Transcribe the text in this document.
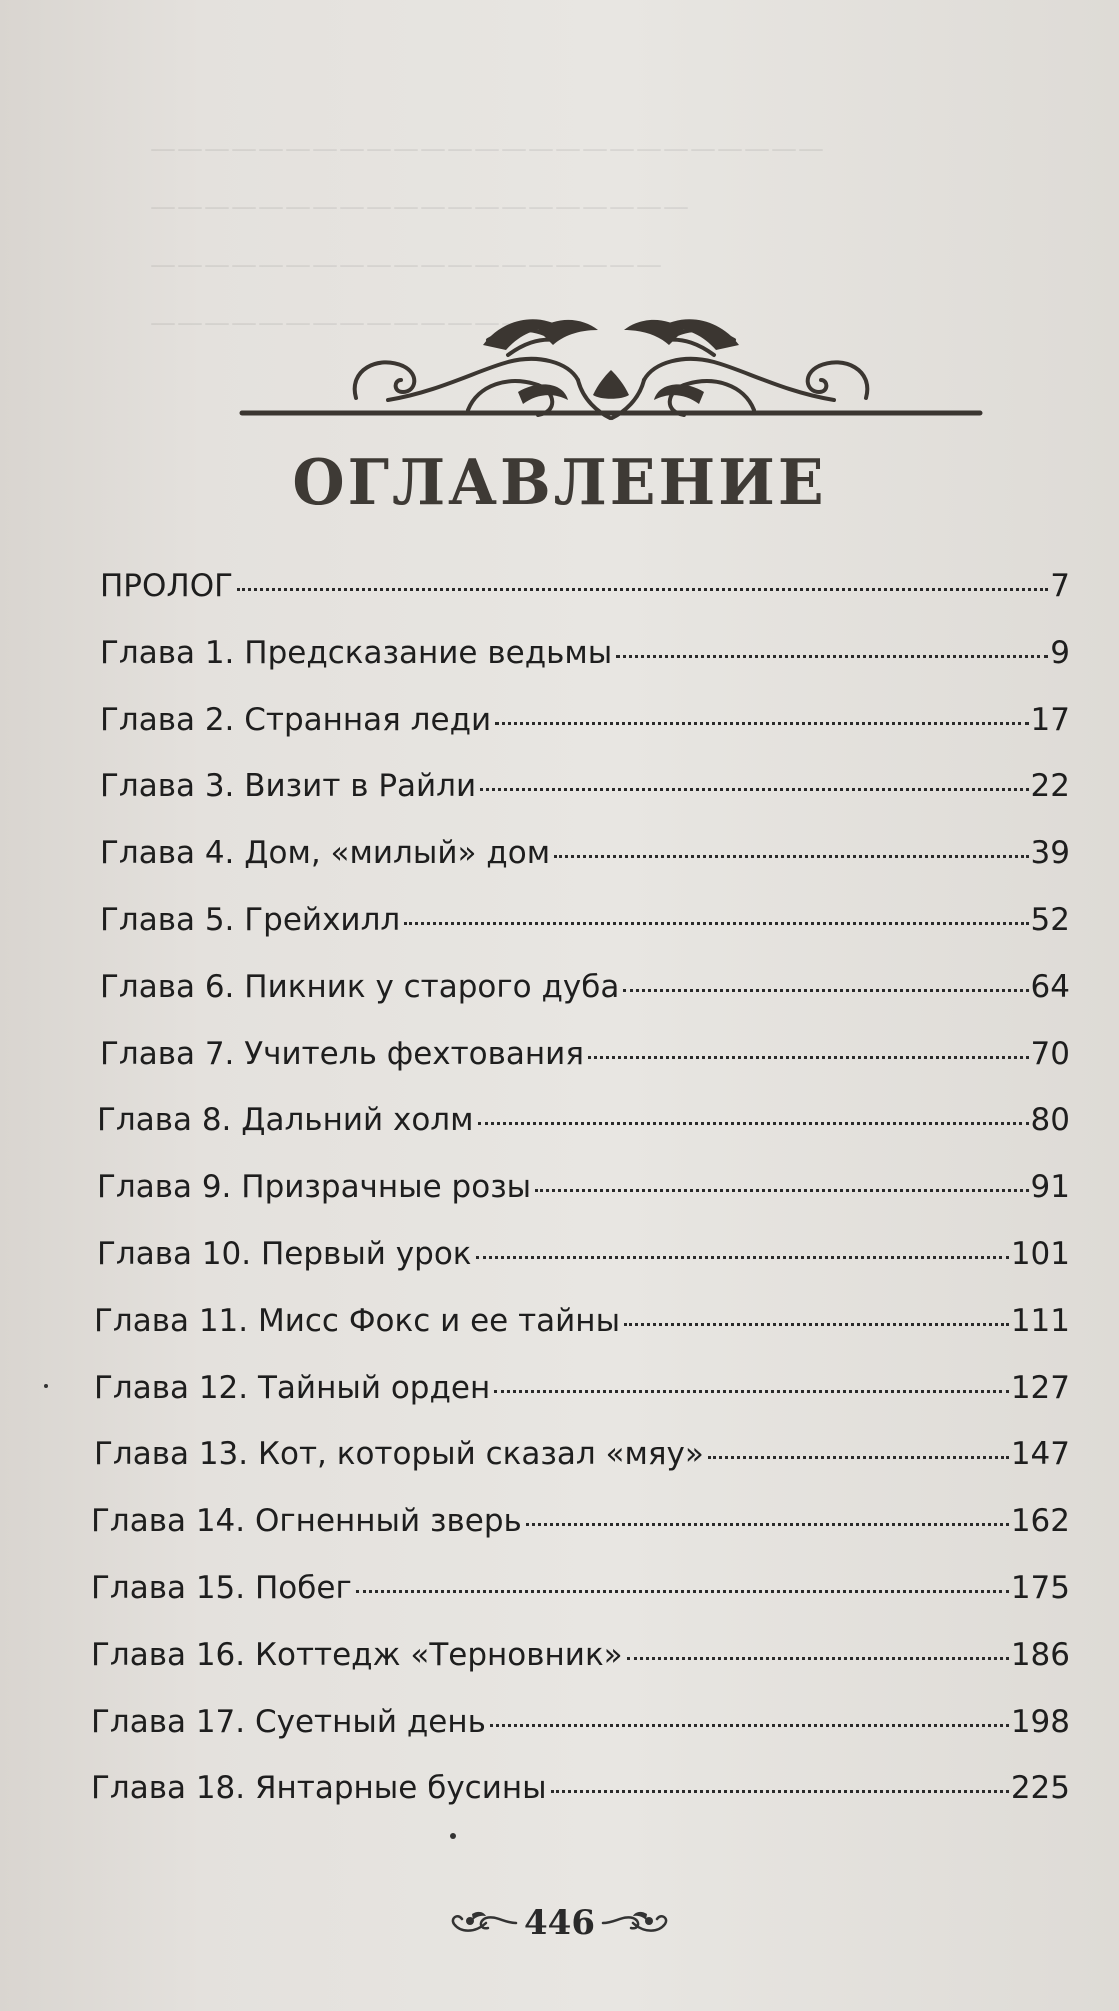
—————————————————————————
————————————————————
———————————————————
——————————————
ОГЛАВЛЕНИЕ
ПРОЛОГ	7
Глава 1. Предсказание ведьмы	9
Глава 2. Странная леди	17
Глава 3. Визит в Райли	22
Глава 4. Дом, «милый» дом	39
Глава 5. Грейхилл	52
Глава 6. Пикник у старого дуба	64
Глава 7. Учитель фехтования	70
Глава 8. Дальний холм	80
Глава 9. Призрачные розы	91
Глава 10. Первый урок	101
Глава 11. Мисс Фокс и ее тайны	111
Глава 12. Тайный орден	127
Глава 13. Кот, который сказал «мяу»	147
Глава 14. Огненный зверь	162
Глава 15. Побег	175
Глава 16. Коттедж «Терновник»	186
Глава 17. Суетный день	198
Глава 18. Янтарные бусины	225
446
